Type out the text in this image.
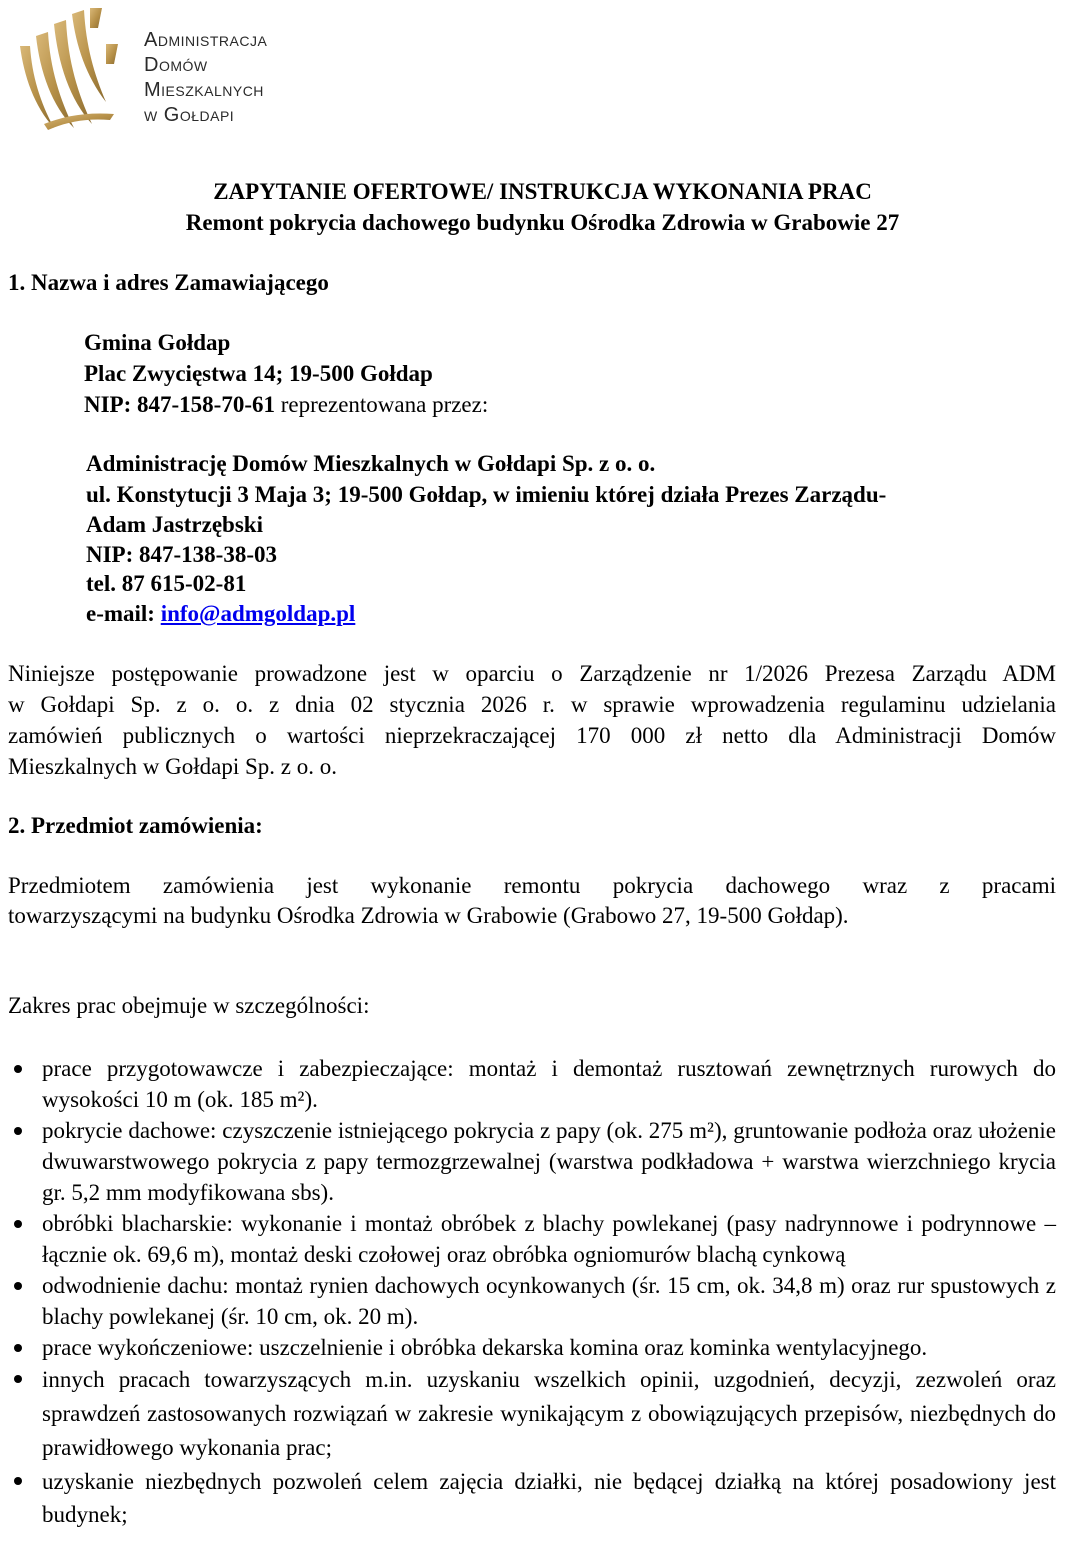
Administracja
Domów
Mieszkalnych
w Gołdapi
ZAPYTANIE OFERTOWE/ INSTRUKCJA WYKONANIA PRAC
Remont pokrycia dachowego budynku Ośrodka Zdrowia w Grabowie 27
1. Nazwa i adres Zamawiającego
Gmina Gołdap
Plac Zwycięstwa 14; 19-500 Gołdap
NIP: 847-158-70-61 reprezentowana przez:
Administrację Domów Mieszkalnych w Gołdapi Sp. z o. o.
ul. Konstytucji 3 Maja 3; 19-500 Gołdap, w imieniu której działa Prezes Zarządu-
Adam Jastrzębski
NIP: 847-138-38-03
tel. 87 615-02-81
e-mail: info@admgoldap.pl
Niniejsze postępowanie prowadzone jest w oparciu o Zarządzenie nr 1/2026 Prezesa Zarządu ADM
w Gołdapi Sp. z o. o. z dnia 02 stycznia 2026 r. w sprawie wprowadzenia regulaminu udzielania
zamówień publicznych o wartości nieprzekraczającej 170 000 zł netto dla Administracji Domów
Mieszkalnych w Gołdapi Sp. z o. o.
2. Przedmiot zamówienia:
Przedmiotem zamówienia jest wykonanie remontu pokrycia dachowego wraz z pracami
towarzyszącymi na budynku Ośrodka Zdrowia w Grabowie (Grabowo 27, 19-500 Gołdap).
Zakres prac obejmuje w szczególności:
prace przygotowawcze i zabezpieczające: montaż i demontaż rusztowań zewnętrznych rurowych do wysokości 10 m (ok. 185 m²).
pokrycie dachowe: czyszczenie istniejącego pokrycia z papy (ok. 275 m²), gruntowanie podłoża oraz ułożenie dwuwarstwowego pokrycia z papy termozgrzewalnej (warstwa podkładowa + warstwa wierzchniego krycia gr. 5,2 mm modyfikowana sbs).
obróbki blacharskie: wykonanie i montaż obróbek z blachy powlekanej (pasy nadrynnowe i podrynnowe – łącznie ok. 69,6 m), montaż deski czołowej oraz obróbka ogniomurów blachą cynkową
odwodnienie dachu: montaż rynien dachowych ocynkowanych (śr. 15 cm, ok. 34,8 m) oraz rur spustowych z blachy powlekanej (śr. 10 cm, ok. 20 m).
prace wykończeniowe: uszczelnienie i obróbka dekarska komina oraz kominka wentylacyjnego.
innych pracach towarzyszących m.in. uzyskaniu wszelkich opinii, uzgodnień, decyzji, zezwoleń oraz sprawdzeń zastosowanych rozwiązań w zakresie wynikającym z obowiązujących przepisów, niezbędnych do prawidłowego wykonania prac;
uzyskanie niezbędnych pozwoleń celem zajęcia działki, nie będącej działką na której posadowiony jest budynek;
